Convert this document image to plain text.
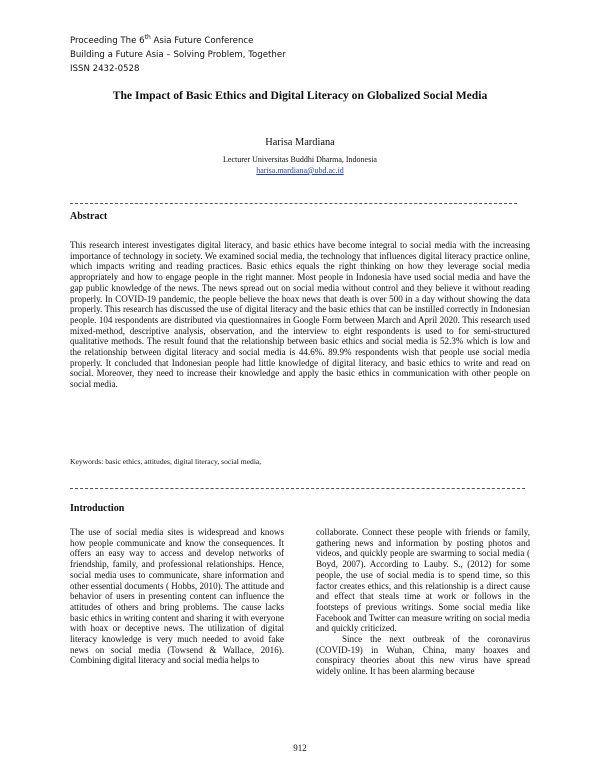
Proceeding The 6th Asia Future Conference
Building a Future Asia – Solving Problem, Together
ISSN 2432-0528
The Impact of Basic Ethics and Digital Literacy on Globalized Social Media
Harisa Mardiana
Lecturer Universitas Buddhi Dharma, Indonesia
harisa.mardiana@ubd.ac.id
Abstract
This research interest investigates digital literacy, and basic ethics have become integral to social media with the increasing importance of technology in society. We examined social media, the technology that influences digital literacy practice online, which impacts writing and reading practices. Basic ethics equals the right thinking on how they leverage social media appropriately and how to engage people in the right manner. Most people in Indonesia have used social media and have the gap public knowledge of the news. The news spread out on social media without control and they believe it without reading properly. In COVID-19 pandemic, the people believe the hoax news that death is over 500 in a day without showing the data properly. This research has discussed the use of digital literacy and the basic ethics that can be instilled correctly in Indonesian people. 104 respondents are distributed via questionnaires in Google Form between March and April 2020. This research used mixed-method, descriptive analysis, observation, and the interview to eight respondents is used to for semi-structured qualitative methods. The result found that the relationship between basic ethics and social media is 52.3% which is low and the relationship between digital literacy and social media is 44.6%. 89.9% respondents wish that people use social media properly. It concluded that Indonesian people had little knowledge of digital literacy, and basic ethics to write and read on social. Moreover, they need to increase their knowledge and apply the basic ethics in communication with other people on social media.
Keywords: basic ethics, attitudes, digital literacy, social media,
Introduction

The use of social media sites is widespread and knows how people communicate and know the consequences. It offers an easy way to access and develop networks of friendship, family, and professional relationships. Hence, social media uses to communicate, share information and other essential documents ( Hobbs, 2010). The attitude and behavior of users in presenting content can influence the attitudes of others and bring problems. The cause lacks basic ethics in writing content and sharing it with everyone with hoax or deceptive news. The utilization of digital literacy knowledge is very much needed to avoid fake news on social media (Towsend & Wallace, 2016). Combining digital literacy and social media helps to

collaborate. Connect these people with friends or family, gathering news and information by posting photos and videos, and quickly people are swarming to social media ( Boyd, 2007). According to Lauby. S., (2012) for some people, the use of social media is to spend time, so this factor creates ethics, and this relationship is a direct cause and effect that steals time at work or follows in the footsteps of previous writings. Some social media like Facebook and Twitter can measure writing on social media and quickly criticized.

Since the next outbreak of the coronavirus (COVID-19) in Wuhan, China, many hoaxes and conspiracy theories about this new virus have spread widely online. It has been alarming because

912
